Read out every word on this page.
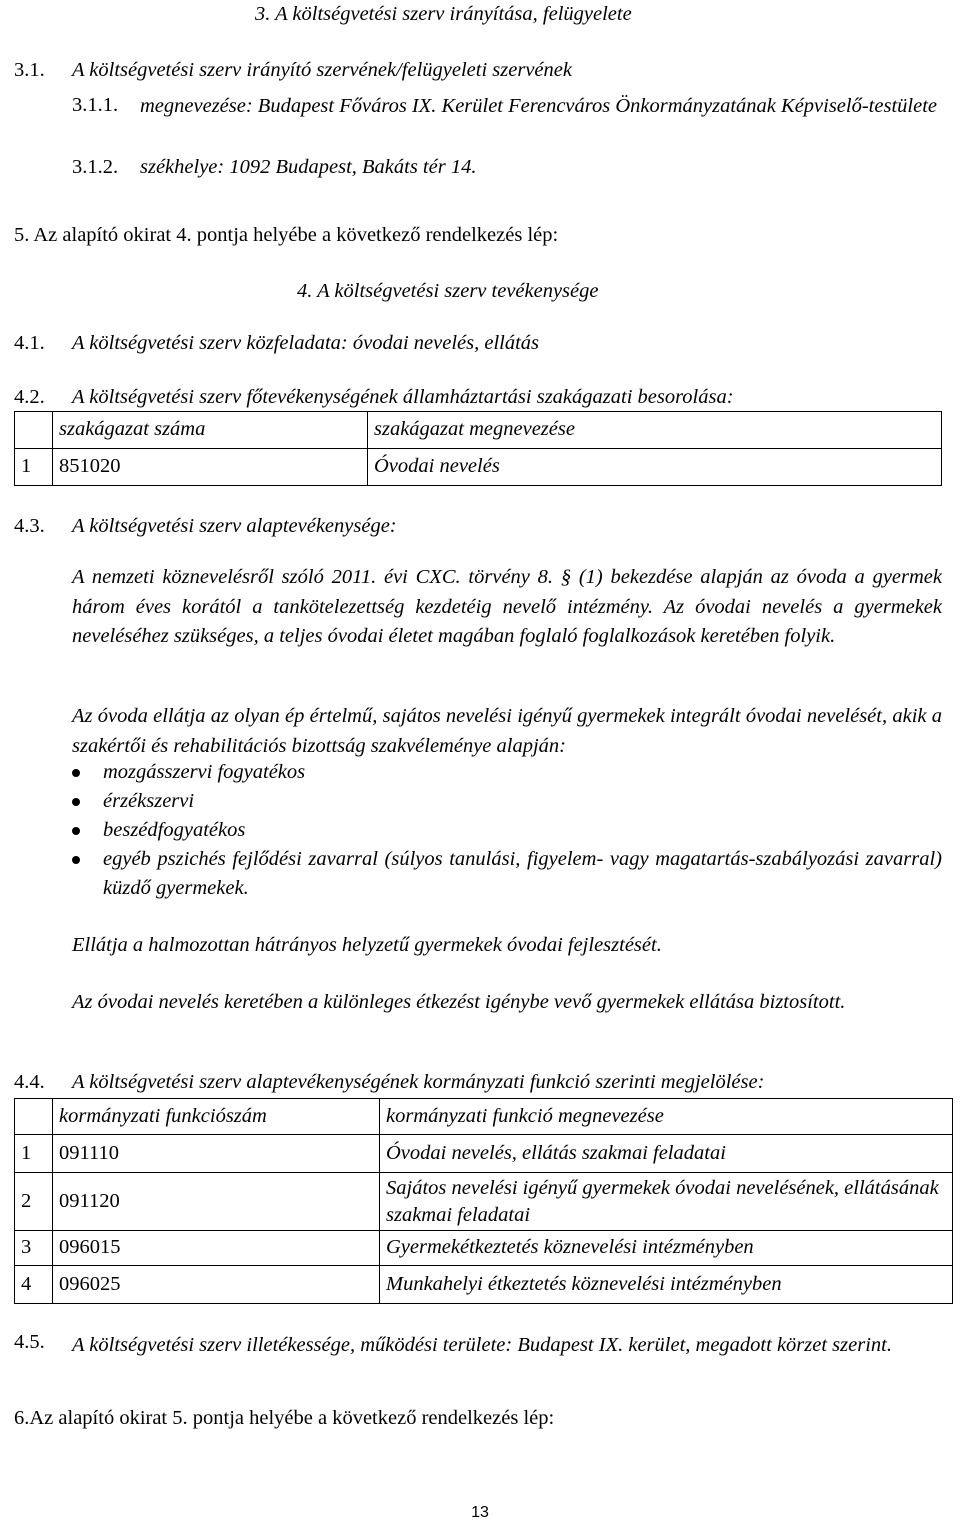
3. A költségvetési szerv irányítása, felügyelete

3.1. A költségvetési szerv irányító szervének/felügyeleti szervének

3.1.1. megnevezése: Budapest Főváros IX. Kerület Ferencváros Önkormányzatának Képviselő-testülete

3.1.2. székhelye: 1092 Budapest, Bakáts tér 14.

5. Az alapító okirat 4. pontja helyébe a következő rendelkezés lép:

4. A költségvetési szerv tevékenysége

4.1. A költségvetési szerv közfeladata: óvodai nevelés, ellátás

4.2. A költségvetési szerv főtevékenységének államháztartási szakágazati besorolása:

	szakágazat száma	szakágazat megnevezése
1	851020	Óvodai nevelés
4.3. A költségvetési szerv alaptevékenysége:

A nemzeti köznevelésről szóló 2011. évi CXC. törvény 8. § (1) bekezdése alapján az óvoda a gyermek három éves korától a tankötelezettség kezdetéig nevelő intézmény. Az óvodai nevelés a gyermekek neveléséhez szükséges, a teljes óvodai életet magában foglaló foglalkozások keretében folyik.

Az óvoda ellátja az olyan ép értelmű, sajátos nevelési igényű gyermekek integrált óvodai nevelését, akik a szakértői és rehabilitációs bizottság szakvéleménye alapján:

mozgásszervi fogyatékos
érzékszervi
beszédfogyatékos
egyéb pszichés fejlődési zavarral (súlyos tanulási, figyelem- vagy magatartás-szabályozási zavarral) küzdő gyermekek.

Ellátja a halmozottan hátrányos helyzetű gyermekek óvodai fejlesztését.

Az óvodai nevelés keretében a különleges étkezést igénybe vevő gyermekek ellátása biztosított.

4.4. A költségvetési szerv alaptevékenységének kormányzati funkció szerinti megjelölése:

	kormányzati funkciószám	kormányzati funkció megnevezése
1	091110	Óvodai nevelés, ellátás szakmai feladatai
2	091120	Sajátos nevelési igényű gyermekek óvodai nevelésének, ellátásának szakmai feladatai
3	096015	Gyermekétkeztetés köznevelési intézményben
4	096025	Munkahelyi étkeztetés köznevelési intézményben
4.5. A költségvetési szerv illetékessége, működési területe: Budapest IX. kerület, megadott körzet szerint.

6.Az alapító okirat 5. pontja helyébe a következő rendelkezés lép:

13
